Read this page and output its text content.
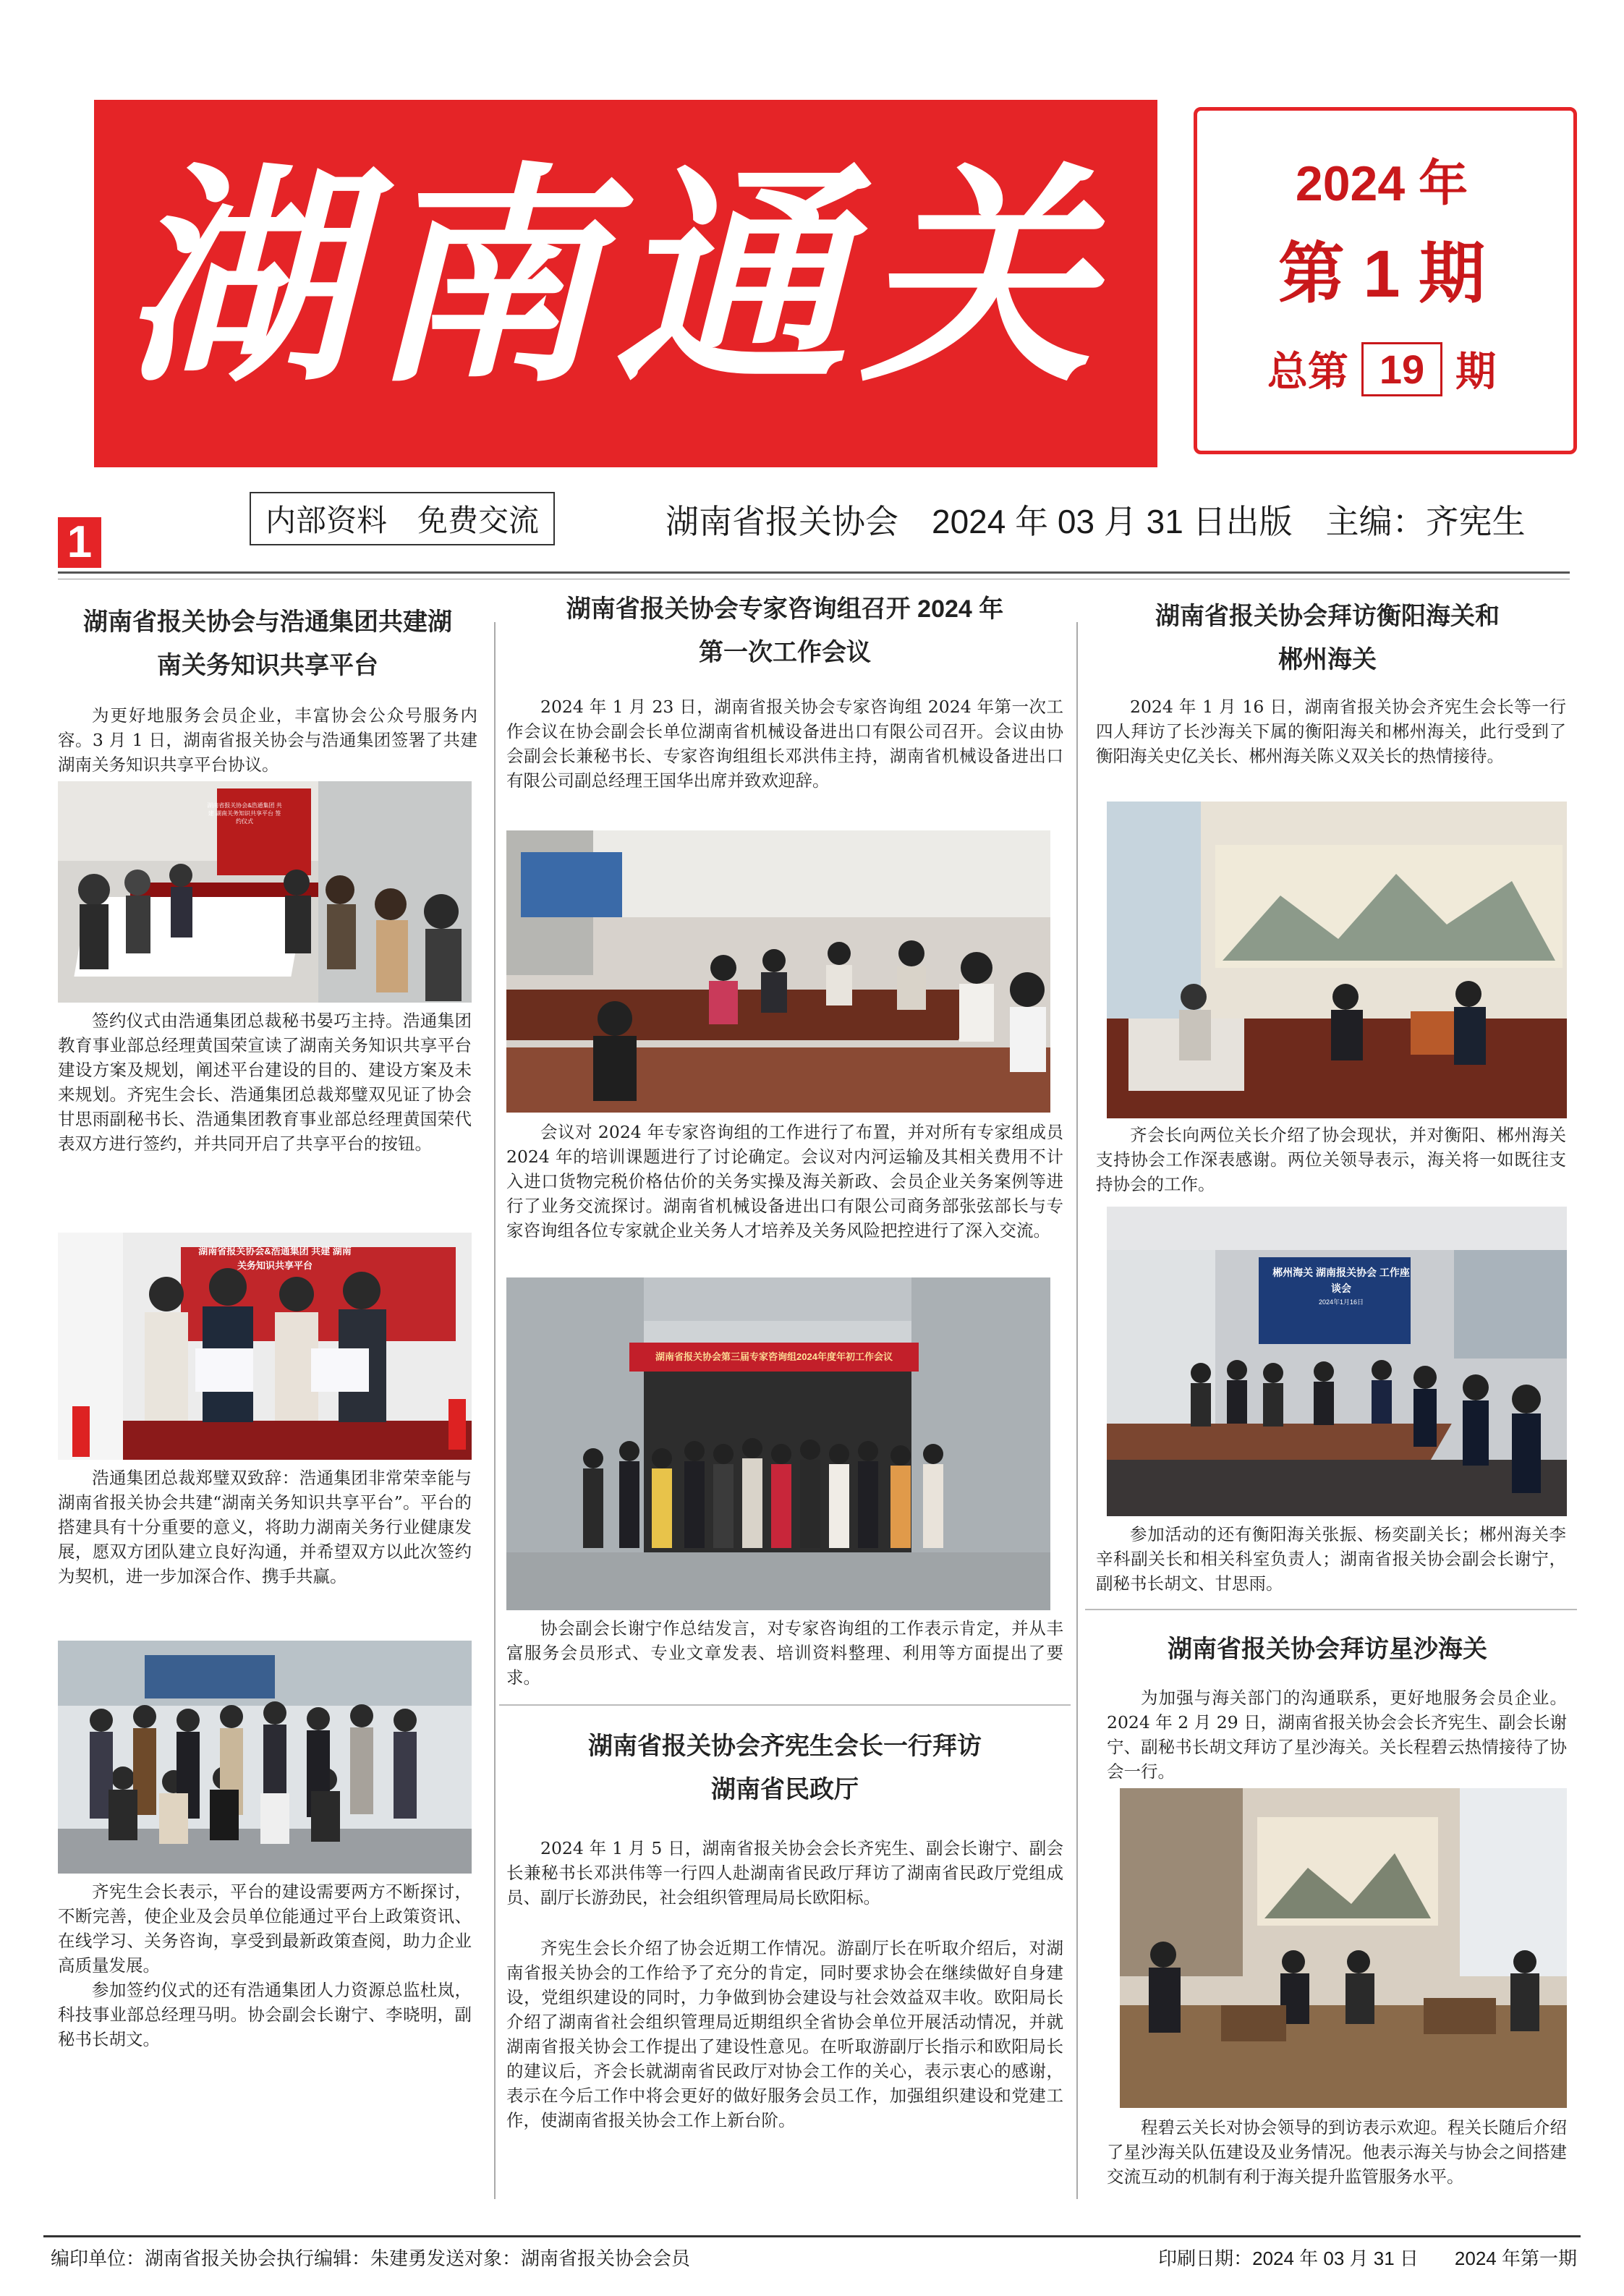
湖南通关	2024 年
第 1 期
总第 19 期
1	内部资料　免费交流	湖南省报关协会　2024 年 03 月 31 日出版　主编：齐宪生
湖南省报关协会与浩通集团共建湖
南关务知识共享平台
为更好地服务会员企业，丰富协会公众号服务内容。3 月 1 日，湖南省报关协会与浩通集团签署了共建湖南关务知识共享平台协议。
湖南省报关协会&浩通集团 共建 湖南关务知识共享平台 签约仪式
签约仪式由浩通集团总裁秘书晏巧主持。浩通集团教育事业部总经理黄国荣宣读了湖南关务知识共享平台建设方案及规划，阐述平台建设的目的、建设方案及未来规划。齐宪生会长、浩通集团总裁郑璧双见证了协会甘思雨副秘书长、浩通集团教育事业部总经理黄国荣代表双方进行签约，并共同开启了共享平台的按钮。
湖南省报关协会&浩通集团 共建 湖南关务知识共享平台
浩通集团总裁郑璧双致辞：浩通集团非常荣幸能与湖南省报关协会共建“湖南关务知识共享平台”。平台的搭建具有十分重要的意义，将助力湖南关务行业健康发展，愿双方团队建立良好沟通，并希望双方以此次签约为契机，进一步加深合作、携手共赢。
齐宪生会长表示，平台的建设需要两方不断探讨，不断完善，使企业及会员单位能通过平台上政策资讯、在线学习、关务咨询，享受到最新政策查阅，助力企业高质量发展。
参加签约仪式的还有浩通集团人力资源总监杜岚，科技事业部总经理马明。协会副会长谢宁、李晓明，副秘书长胡文。
湖南省报关协会专家咨询组召开 2024 年
第一次工作会议
2024 年 1 月 23 日，湖南省报关协会专家咨询组 2024 年第一次工作会议在协会副会长单位湖南省机械设备进出口有限公司召开。会议由协会副会长兼秘书长、专家咨询组组长邓洪伟主持，湖南省机械设备进出口有限公司副总经理王国华出席并致欢迎辞。
会议对 2024 年专家咨询组的工作进行了布置，并对所有专家组成员 2024 年的培训课题进行了讨论确定。会议对内河运输及其相关费用不计入进口货物完税价格估价的关务实操及海关新政、会员企业关务案例等进行了业务交流探讨。湖南省机械设备进出口有限公司商务部张弦部长与专家咨询组各位专家就企业关务人才培养及关务风险把控进行了深入交流。
湖南省报关协会第三届专家咨询组2024年度年初工作会议
协会副会长谢宁作总结发言，对专家咨询组的工作表示肯定，并从丰富服务会员形式、专业文章发表、培训资料整理、利用等方面提出了要求。
湖南省报关协会齐宪生会长一行拜访
湖南省民政厅
2024 年 1 月 5 日，湖南省报关协会会长齐宪生、副会长谢宁、副会长兼秘书长邓洪伟等一行四人赴湖南省民政厅拜访了湖南省民政厅党组成员、副厅长游劲民，社会组织管理局局长欧阳标。
齐宪生会长介绍了协会近期工作情况。游副厅长在听取介绍后，对湖南省报关协会的工作给予了充分的肯定，同时要求协会在继续做好自身建设，党组织建设的同时，力争做到协会建设与社会效益双丰收。欧阳局长介绍了湖南省社会组织管理局近期组织全省协会单位开展活动情况，并就湖南省报关协会工作提出了建设性意见。在听取游副厅长指示和欧阳局长的建议后，齐会长就湖南省民政厅对协会工作的关心，表示衷心的感谢，表示在今后工作中将会更好的做好服务会员工作，加强组织建设和党建工作，使湖南省报关协会工作上新台阶。
湖南省报关协会拜访衡阳海关和
郴州海关
2024 年 1 月 16 日，湖南省报关协会齐宪生会长等一行四人拜访了长沙海关下属的衡阳海关和郴州海关，此行受到了衡阳海关史亿关长、郴州海关陈义双关长的热情接待。
齐会长向两位关长介绍了协会现状，并对衡阳、郴州海关支持协会工作深表感谢。两位关领导表示，海关将一如既往支持协会的工作。
郴州海关 湖南报关协会 工作座谈会
2024年1月16日
参加活动的还有衡阳海关张振、杨奕副关长；郴州海关李辛科副关长和相关科室负责人；湖南省报关协会副会长谢宁，副秘书长胡文、甘思雨。
湖南省报关协会拜访星沙海关
为加强与海关部门的沟通联系，更好地服务会员企业。2024 年 2 月 29 日，湖南省报关协会会长齐宪生、副会长谢宁、副秘书长胡文拜访了星沙海关。关长程碧云热情接待了协会一行。
程碧云关长对协会领导的到访表示欢迎。程关长随后介绍了星沙海关队伍建设及业务情况。他表示海关与协会之间搭建交流互动的机制有利于海关提升监管服务水平。
编印单位：湖南省报关协会 执行编辑：朱建勇 发送对象：湖南省报关协会会员	印刷日期：2024 年 03 月 31 日 2024 年第一期
